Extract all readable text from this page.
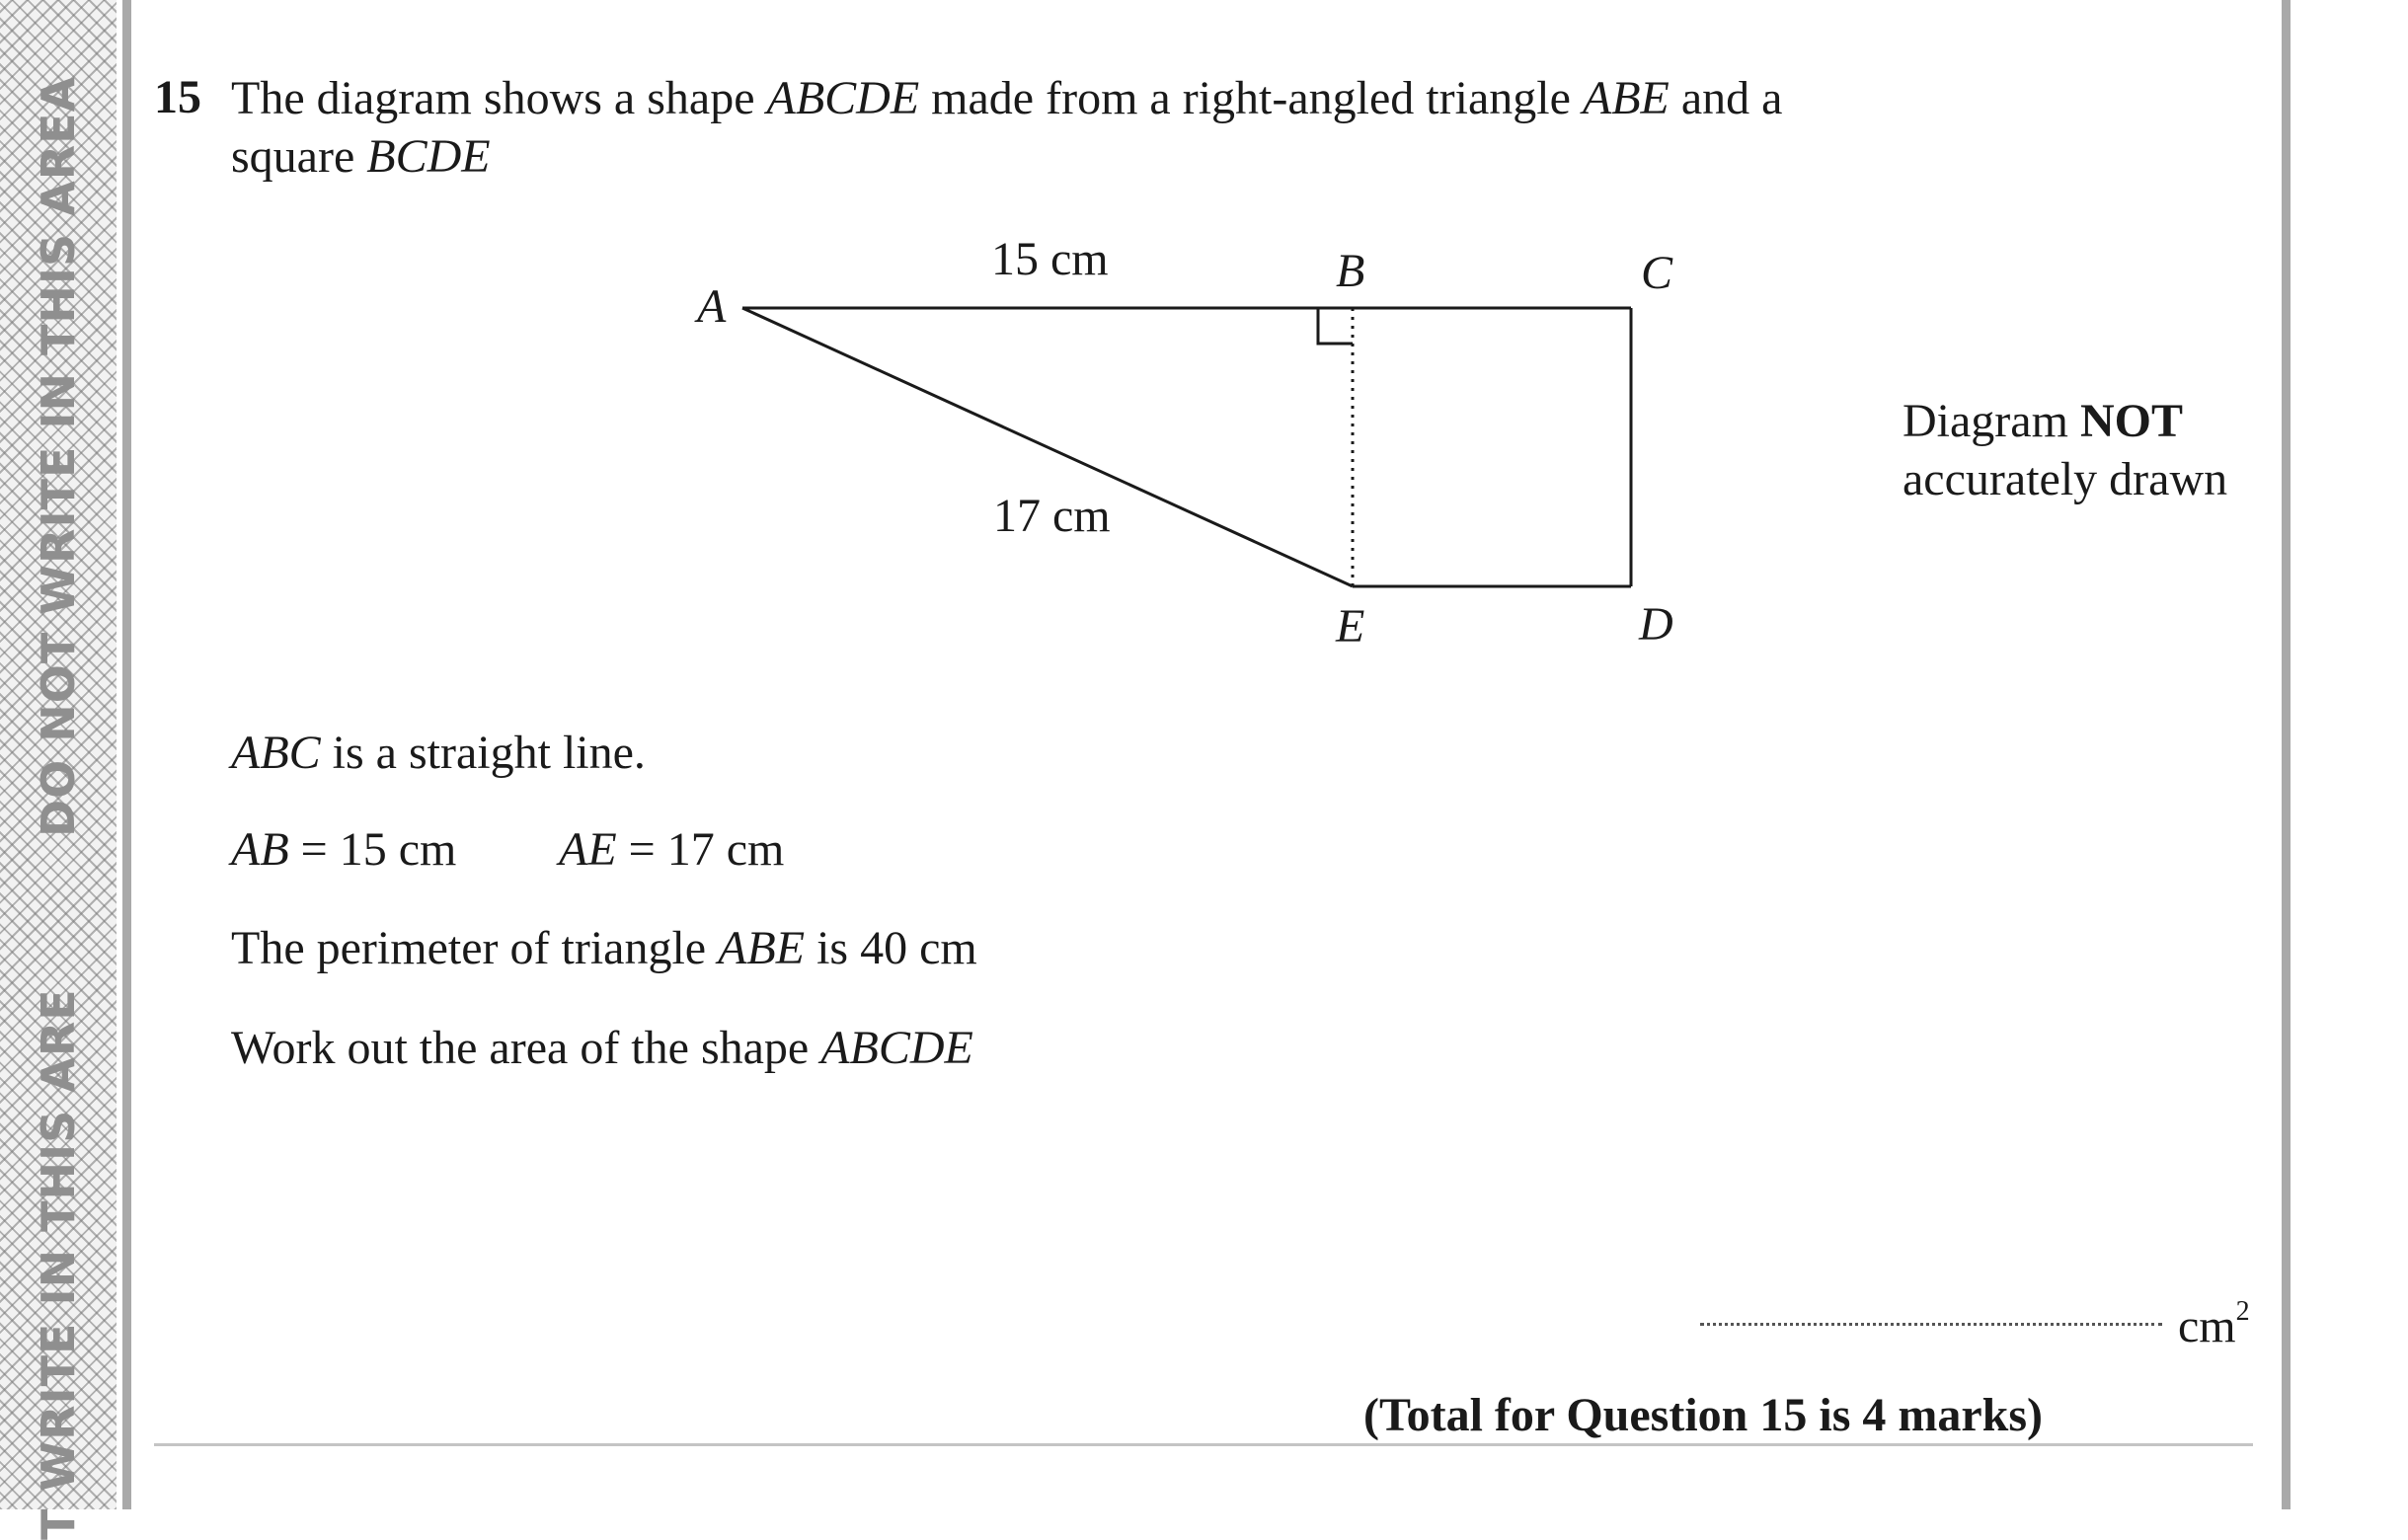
DO NOT WRITE IN THIS AREA
T WRITE IN THIS ARE
15 The diagram shows a shape ABCDE made from a right-angled triangle ABE and a square BCDE
A
B	C
D
E
15 cm
17 cm
Diagram NOT
accurately drawn
ABC is a straight line.
AB = 15 cm AE = 17 cm
The perimeter of triangle ABE is 40 cm
Work out the area of the shape ABCDE
$cm^2$
(Total for Question 15 is 4 marks)
